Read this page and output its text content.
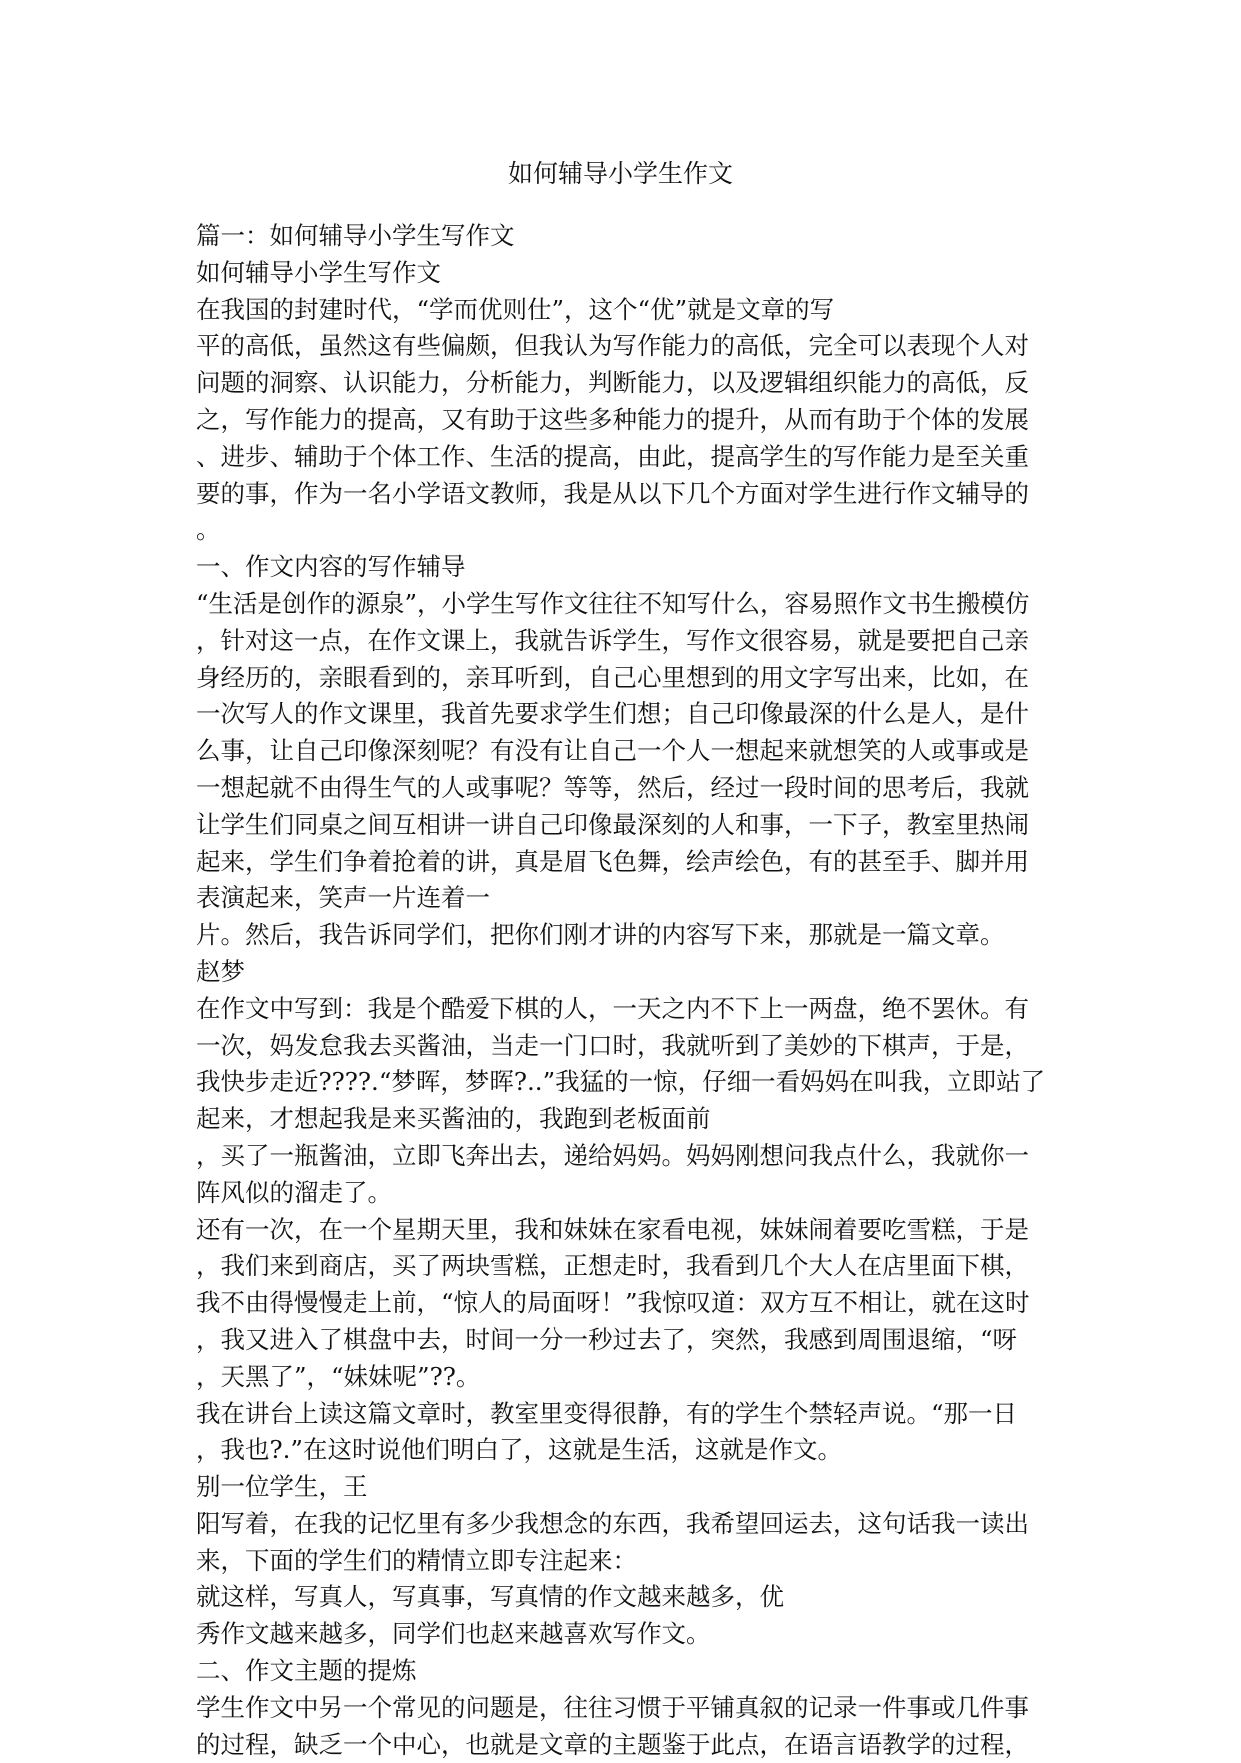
如何辅导小学生作文
篇一：如何辅导小学生写作文
如何辅导小学生写作文
在我国的封建时代，“学而优则仕”，这个“优”就是文章的写
平的高低，虽然这有些偏颇，但我认为写作能力的高低，完全可以表现个人对
问题的洞察、认识能力，分析能力，判断能力，以及逻辑组织能力的高低，反
之，写作能力的提高，又有助于这些多种能力的提升，从而有助于个体的发展
、进步、辅助于个体工作、生活的提高，由此，提高学生的写作能力是至关重
要的事，作为一名小学语文教师，我是从以下几个方面对学生进行作文辅导的
。
一、作文内容的写作辅导
“生活是创作的源泉”，小学生写作文往往不知写什么，容易照作文书生搬模仿
，针对这一点，在作文课上，我就告诉学生，写作文很容易，就是要把自己亲
身经历的，亲眼看到的，亲耳听到，自己心里想到的用文字写出来，比如，在
一次写人的作文课里，我首先要求学生们想；自己印像最深的什么是人，是什
么事，让自己印像深刻呢？有没有让自己一个人一想起来就想笑的人或事或是
一想起就不由得生气的人或事呢？等等，然后，经过一段时间的思考后，我就
让学生们同桌之间互相讲一讲自己印像最深刻的人和事，一下子，教室里热闹
起来，学生们争着抢着的讲，真是眉飞色舞，绘声绘色，有的甚至手、脚并用
表演起来，笑声一片连着一
片。然后，我告诉同学们，把你们刚才讲的内容写下来，那就是一篇文章。
赵梦
在作文中写到：我是个酷爱下棋的人，一天之内不下上一两盘，绝不罢休。有
一次，妈发怠我去买酱油，当走一门口时，我就听到了美妙的下棋声，于是，
我快步走近????.“梦晖，梦晖?..”我猛的一惊，仔细一看妈妈在叫我，立即站了
起来，才想起我是来买酱油的，我跑到老板面前
，买了一瓶酱油，立即飞奔出去，递给妈妈。妈妈刚想问我点什么，我就你一
阵风似的溜走了。
还有一次，在一个星期天里，我和妹妹在家看电视，妹妹闹着要吃雪糕，于是
，我们来到商店，买了两块雪糕，正想走时，我看到几个大人在店里面下棋，
我不由得慢慢走上前，“惊人的局面呀！”我惊叹道：双方互不相让，就在这时
，我又进入了棋盘中去，时间一分一秒过去了，突然，我感到周围退缩，“呀
，天黑了”，“妹妹呢”??。
我在讲台上读这篇文章时，教室里变得很静，有的学生个禁轻声说。“那一日
，我也?.”在这时说他们明白了，这就是生活，这就是作文。
别一位学生，王
阳写着，在我的记忆里有多少我想念的东西，我希望回运去，这句话我一读出
来，下面的学生们的精情立即专注起来：
就这样，写真人，写真事，写真情的作文越来越多，优
秀作文越来越多，同学们也赵来越喜欢写作文。
二、作文主题的提炼
学生作文中另一个常见的问题是，往往习惯于平铺真叙的记录一件事或几件事
的过程，缺乏一个中心，也就是文章的主题鉴于此点，在语言语教学的过程，
